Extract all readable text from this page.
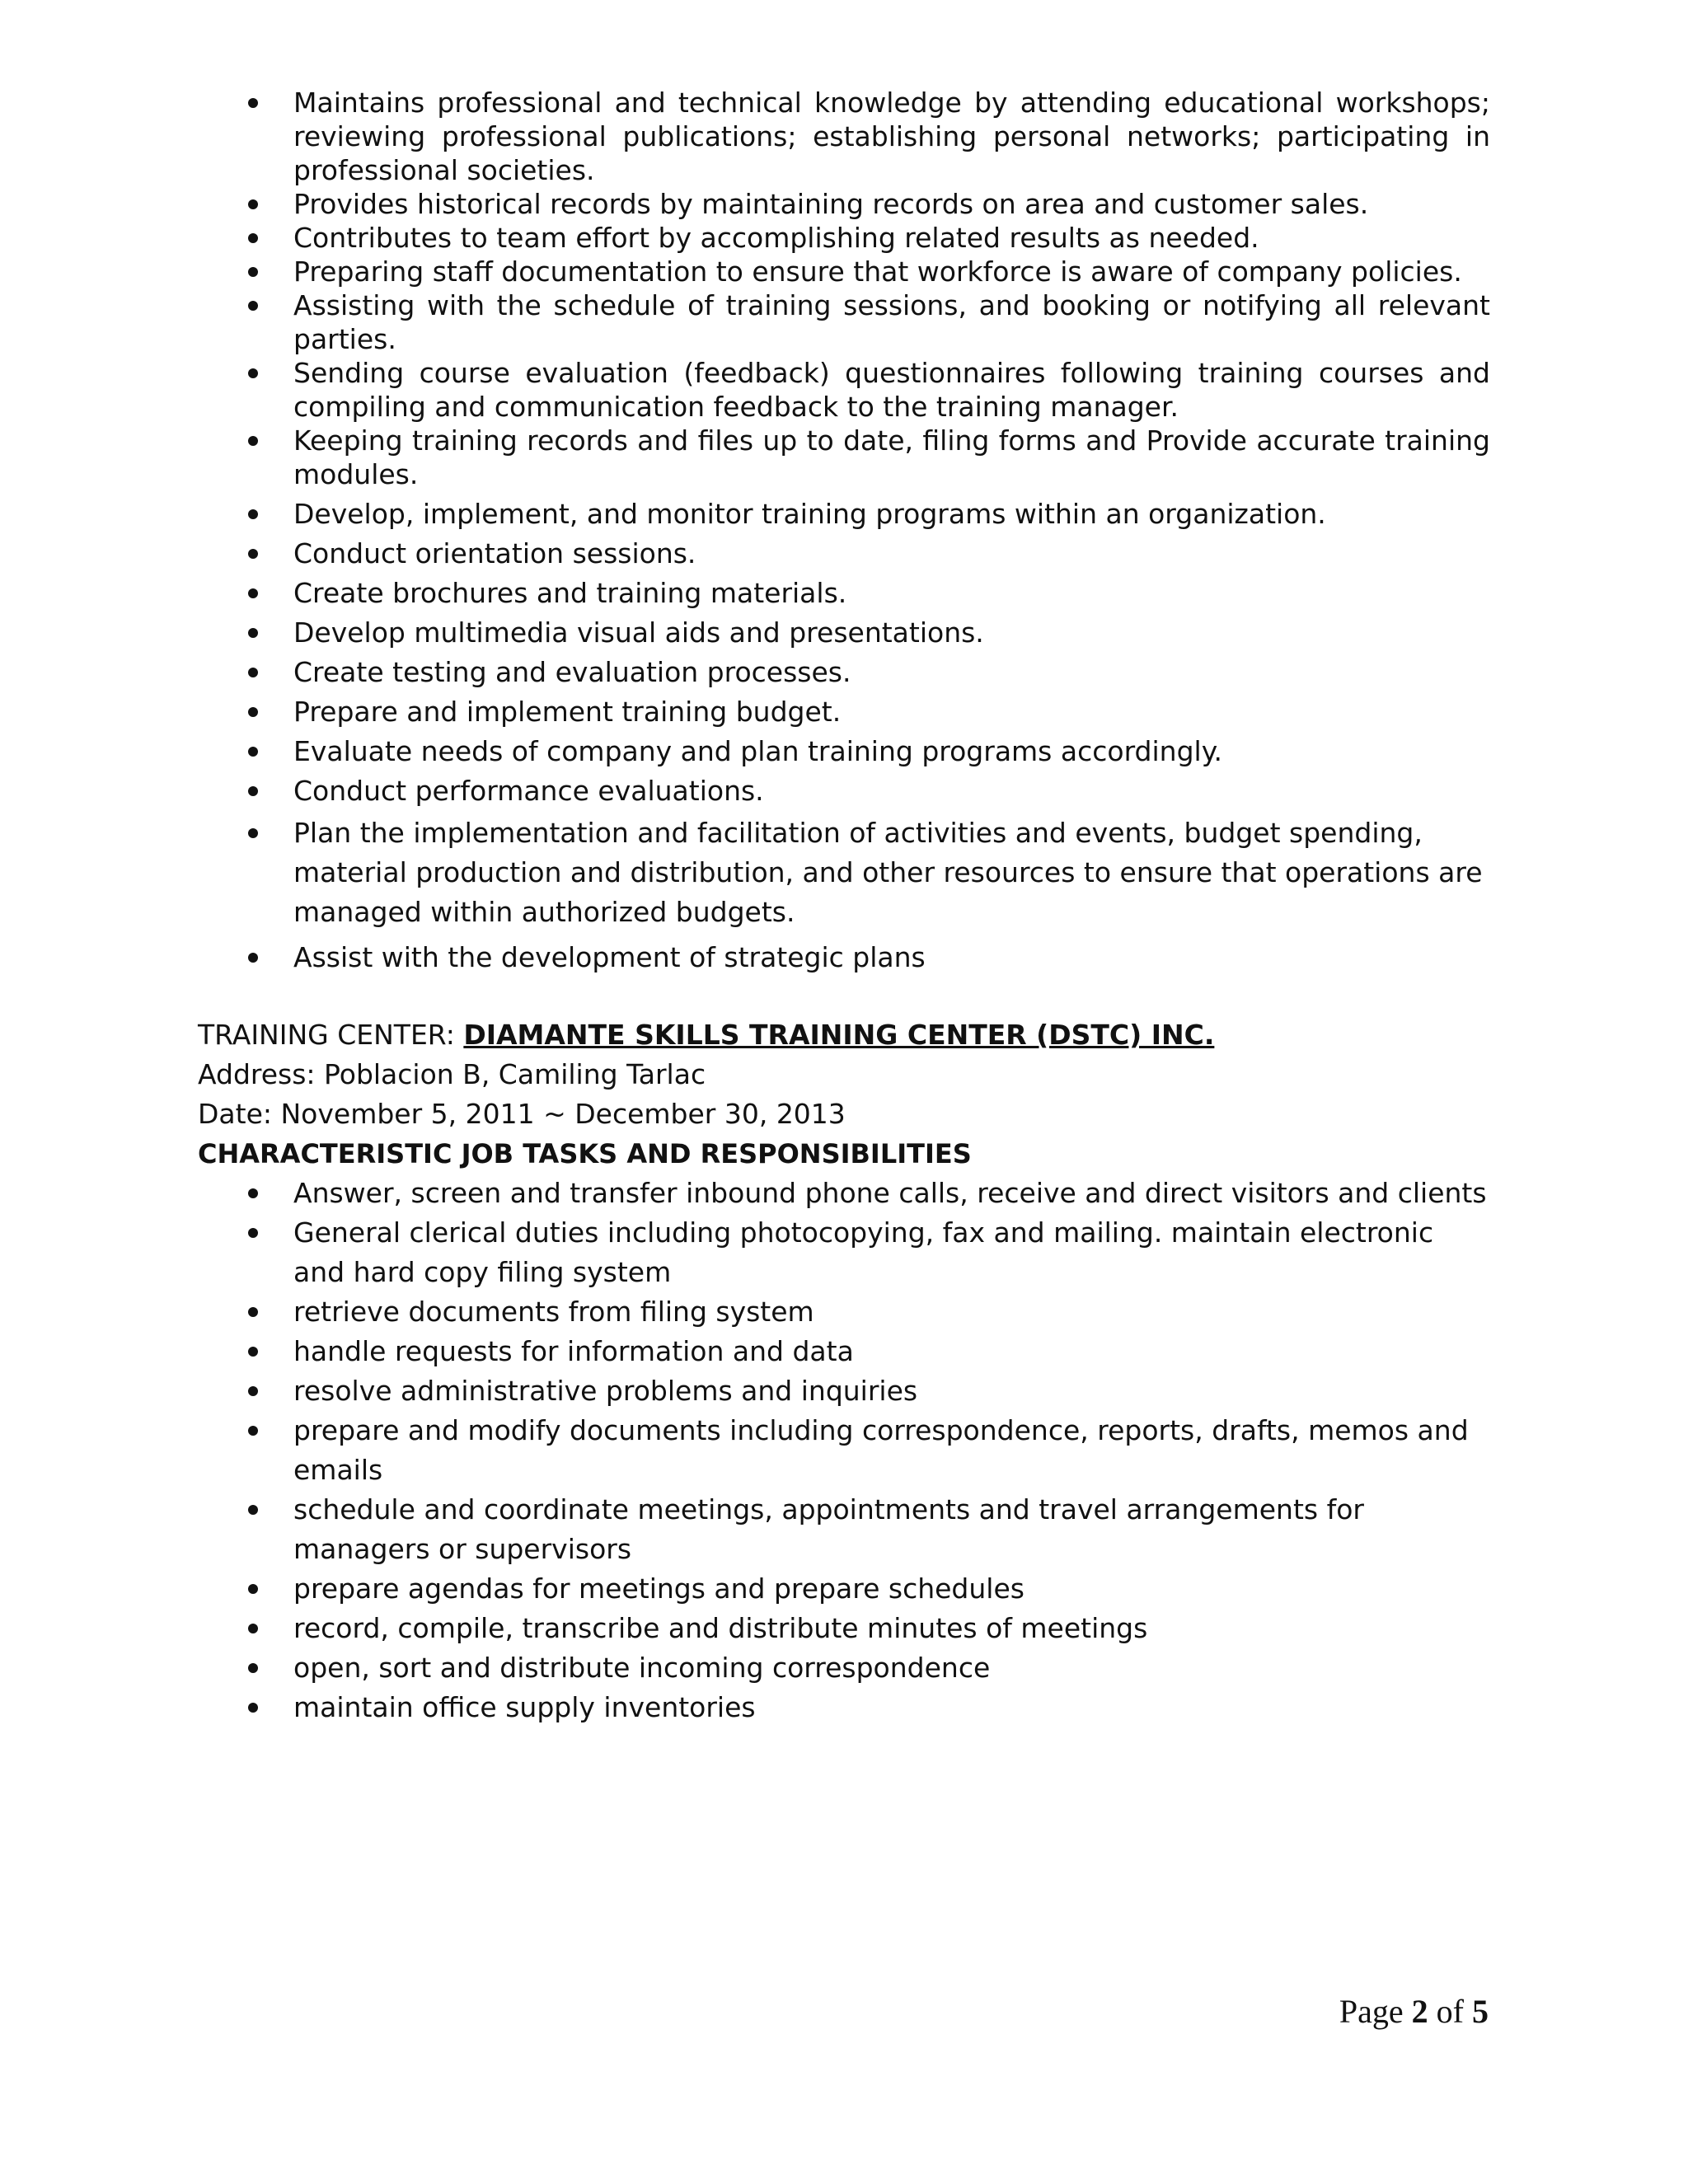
Maintains professional and technical knowledge by attending educational workshops; reviewing professional publications; establishing personal networks; participating in professional societies.
Provides historical records by maintaining records on area and customer sales.
Contributes to team effort by accomplishing related results as needed.
Preparing staff documentation to ensure that workforce is aware of company policies.
Assisting with the schedule of training sessions, and booking or notifying all relevant parties.
Sending course evaluation (feedback) questionnaires following training courses and compiling and communication feedback to the training manager.
Keeping training records and files up to date, filing forms and Provide accurate training modules.
Develop, implement, and monitor training programs within an organization.
Conduct orientation sessions.
Create brochures and training materials.
Develop multimedia visual aids and presentations.
Create testing and evaluation processes.
Prepare and implement training budget.
Evaluate needs of company and plan training programs accordingly.
Conduct performance evaluations.
Plan the implementation and facilitation of activities and events, budget spending, material production and distribution, and other resources to ensure that operations are managed within authorized budgets.
Assist with the development of strategic plans
TRAINING CENTER: DIAMANTE SKILLS TRAINING CENTER (DSTC) INC.
Address: Poblacion B, Camiling Tarlac
Date: November 5, 2011 ~ December 30, 2013
CHARACTERISTIC JOB TASKS AND RESPONSIBILITIES
Answer, screen and transfer inbound phone calls, receive and direct visitors and clients
General clerical duties including photocopying, fax and mailing. maintain electronic and hard copy filing system
retrieve documents from filing system
handle requests for information and data
resolve administrative problems and inquiries
prepare and modify documents including correspondence, reports, drafts, memos and emails
schedule and coordinate meetings, appointments and travel arrangements for managers or supervisors
prepare agendas for meetings and prepare schedules
record, compile, transcribe and distribute minutes of meetings
open, sort and distribute incoming correspondence
maintain office supply inventories
Page 2 of 5
